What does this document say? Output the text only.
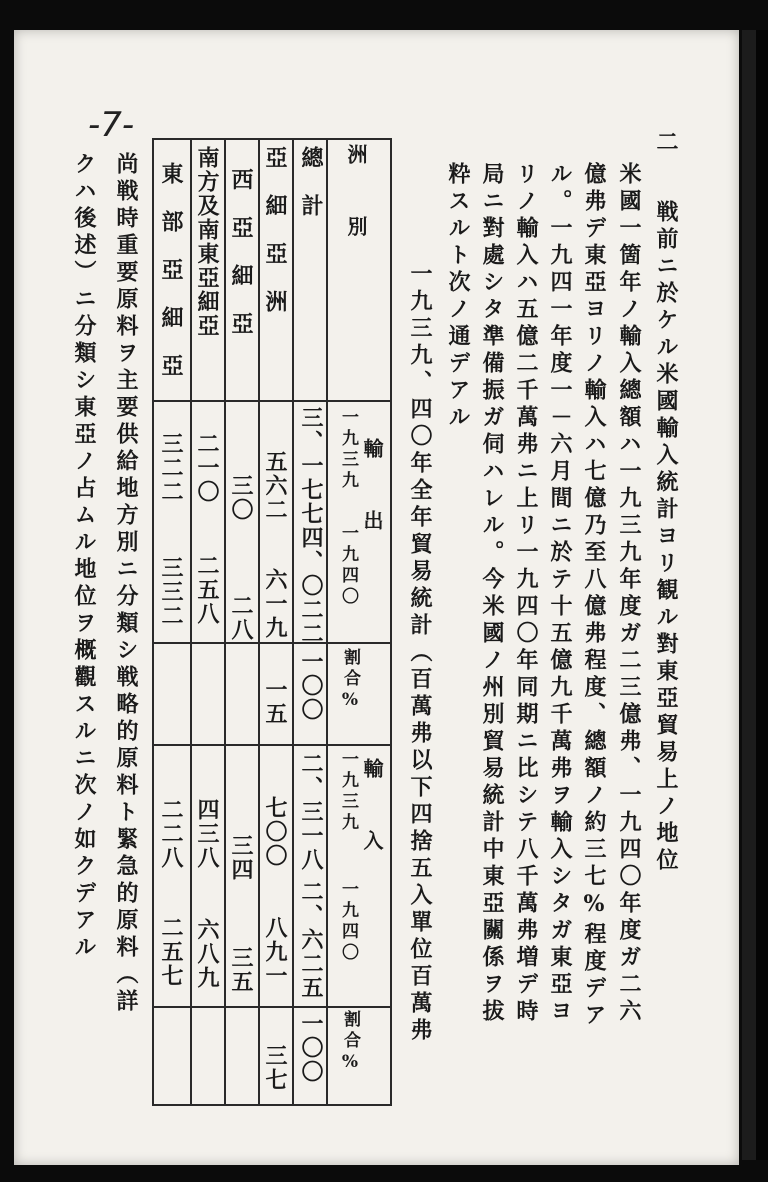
-7-	二
戦前ニ於ケル米國輸入統計ヨリ観ル對東亞貿易上ノ地位
米國一箇年ノ輸入總額ハ一九三九年度ガ二三億弗、一九四〇年度ガ二六
億弗デ東亞ヨリノ輸入ハ七億乃至八億弗程度、總額ノ約三七%程度デア
ル。一九四一年度一－六月間ニ於テ十五億九千萬弗ヲ輸入シタガ東亞ヨ
リノ輸入ハ五億二千萬弗ニ上リ一九四〇年同期ニ比シテ八千萬弗増デ時
局ニ對處シタ準備振ガ伺ハレル。今米國ノ州別貿易統計中東亞關係ヲ拔
粋スルト次ノ通デアル
一九三九、四〇年全年貿易統計（百萬弗以下四捨五入單位百萬弗
洲　　別
輸　　出
輸　　入
一九三九
一九四〇
割合%
一九三九
一九四〇
割合%
總　計
三、一七七
四、〇二二
一〇〇
二、三一八
二、六二五
一〇〇
亞　細　亞　洲
五六二
六一九
一五
七〇〇
八九一
三七
西　亞　細　亞
三〇
二八
三四
三五
南方及南東亞細亞
二一〇
二五八
四三八
六八九
東　部　亞　細　亞
三二二
三三二
二二八
二五七
尚戦時重要原料ヲ主要供給地方別ニ分類シ戦略的原料ト緊急的原料（詳
クハ後述）ニ分類シ東亞ノ占ムル地位ヲ概觀スルニ次ノ如クデアル
